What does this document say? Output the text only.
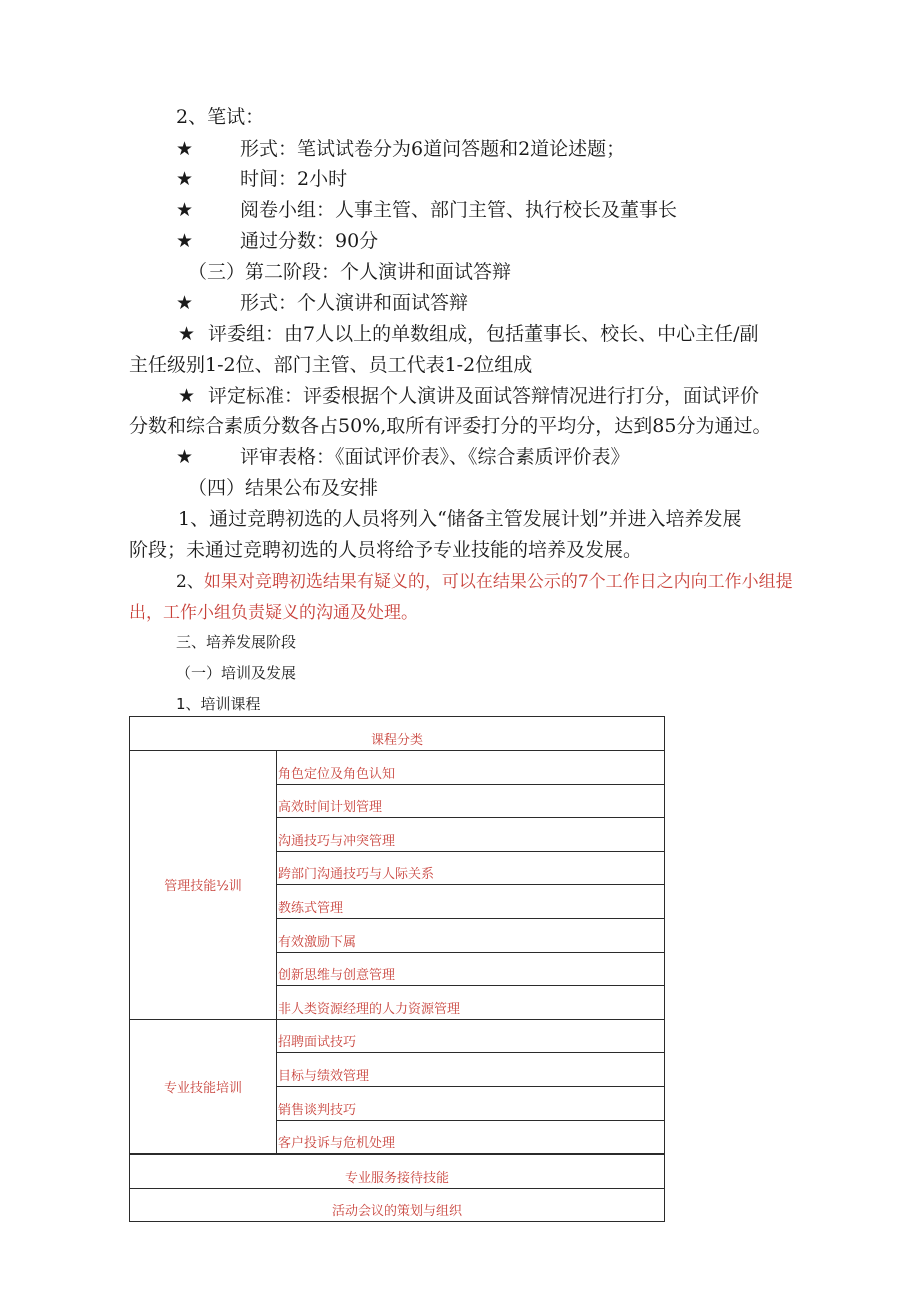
2、笔试：
★ 形式：笔试试卷分为6道问答题和2道论述题；
★ 时间：2小时
★ 阅卷小组：人事主管、部门主管、执行校长及董事长
★ 通过分数：90分
（三）第二阶段：个人演讲和面试答辩
★ 形式：个人演讲和面试答辩
★ 评委组：由7人以上的单数组成，包括董事长、校长、中心主任/副
主任级别1-2位、部门主管、员工代表1-2位组成
★ 评定标准：评委根据个人演讲及面试答辩情况进行打分，面试评价
分数和综合素质分数各占50%,取所有评委打分的平均分，达到85分为通过。
★ 评审表格：《面试评价表》、《综合素质评价表》
（四）结果公布及安排
1、通过竞聘初选的人员将列入“储备主管发展计划”并进入培养发展
阶段；未通过竞聘初选的人员将给予专业技能的培养及发展。
2、如果对竞聘初选结果有疑义的，可以在结果公示的7个工作日之内向工作小组提
出，工作小组负责疑义的沟通及处理。
三、培养发展阶段
（一）培训及发展
1、培训课程
课程分类	
管理技能½训	角色定位及角色认知
	高效时间计划管理
	沟通技巧与冲突管理
	跨部门沟通技巧与人际关系
	教练式管理
	有效激励下属
	创新思维与创意管理
	非人类资源经理的人力资源管理
专业技能培训	招聘面试技巧
	目标与绩效管理
	销售谈判技巧
	客户投诉与危机处理
专业服务接待技能	
活动会议的策划与组织	
